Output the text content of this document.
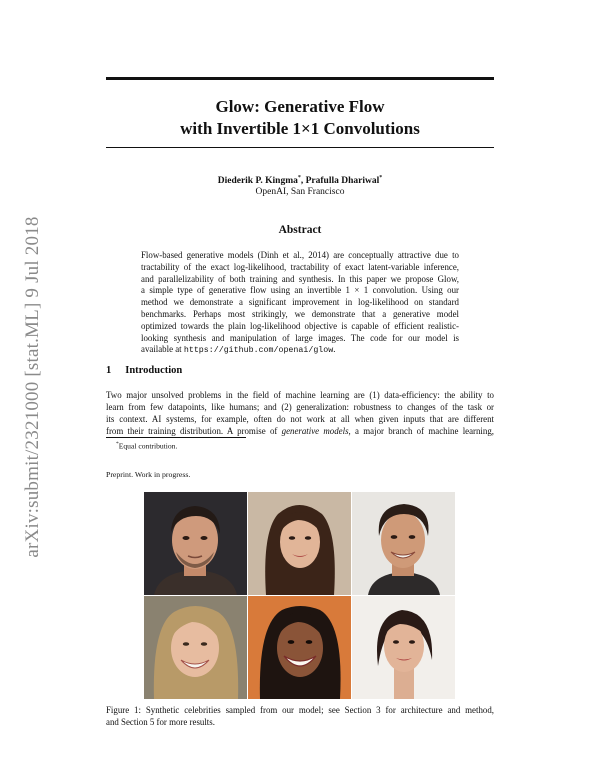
arXiv:submit/2321000 [stat.ML] 9 Jul 2018
Glow: Generative Flow
with Invertible 1×1 Convolutions
Diederik P. Kingma*, Prafulla Dhariwal*
OpenAI, San Francisco
Abstract
Flow-based generative models (Dinh et al., 2014) are conceptually attractive due to
tractability of the exact log-likelihood, tractability of exact latent-variable inference,
and parallelizability of both training and synthesis. In this paper we propose Glow,
a simple type of generative flow using an invertible 1 × 1 convolution. Using our
method we demonstrate a significant improvement in log-likelihood on standard
benchmarks. Perhaps most strikingly, we demonstrate that a generative model
optimized towards the plain log-likelihood objective is capable of efficient realistic-
looking synthesis and manipulation of large images. The code for our model is
available at https://github.com/openai/glow.
1 Introduction
Two major unsolved problems in the field of machine learning are (1) data-efficiency: the ability to
learn from few datapoints, like humans; and (2) generalization: robustness to changes of the task or
its context. AI systems, for example, often do not work at all when given inputs that are different
from their training distribution. A promise of generative models, a major branch of machine learning,
*Equal contribution.
Preprint. Work in progress.
Figure 1: Synthetic celebrities sampled from our model; see Section 3 for architecture and method,
and Section 5 for more results.
